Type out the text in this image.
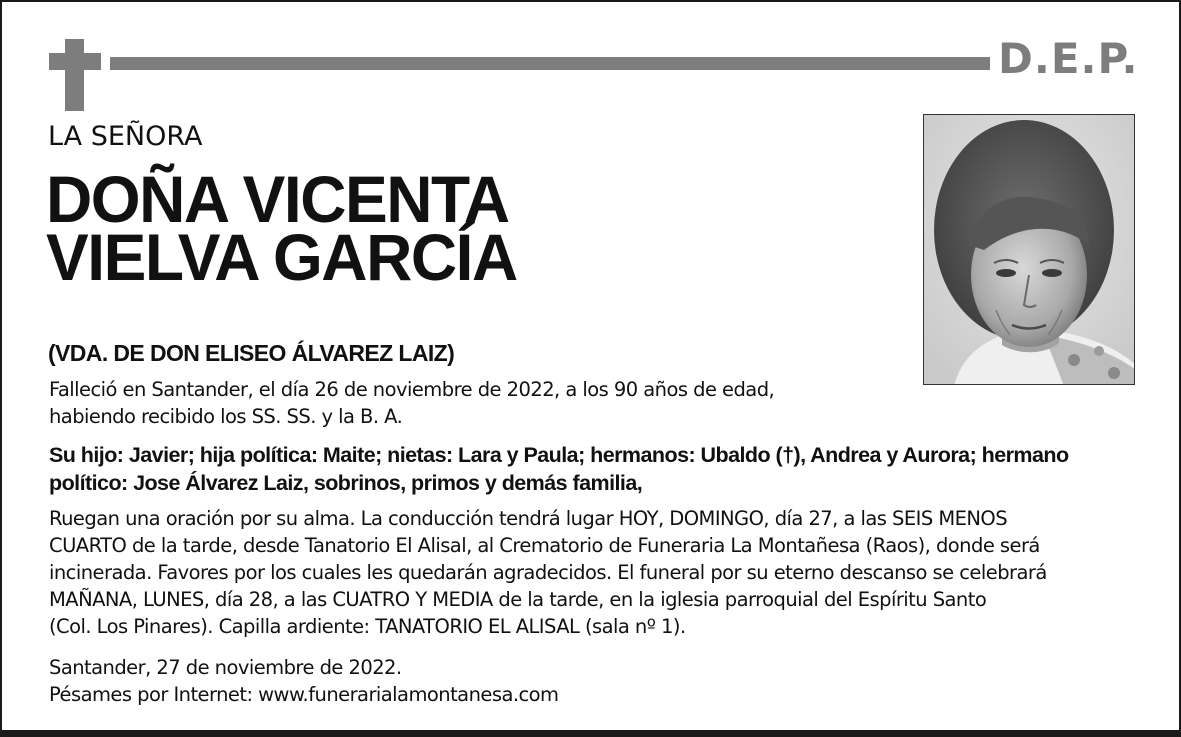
D.E.P.
LA SEÑORA
DOÑA VICENTA
VIELVA GARCÍA
(VDA. DE DON ELISEO ÁLVAREZ LAIZ)
Falleció en Santander, el día 26 de noviembre de 2022, a los 90 años de edad,
habiendo recibido los SS. SS. y la B. A.
Su hijo: Javier; hija política: Maite; nietas: Lara y Paula; hermanos: Ubaldo (†), Andrea y Aurora; hermano
político: Jose Álvarez Laiz, sobrinos, primos y demás familia,
Ruegan una oración por su alma. La conducción tendrá lugar HOY, DOMINGO, día 27, a las SEIS MENOS
CUARTO de la tarde, desde Tanatorio El Alisal, al Crematorio de Funeraria La Montañesa (Raos), donde será
incinerada. Favores por los cuales les quedarán agradecidos. El funeral por su eterno descanso se celebrará
MAÑANA, LUNES, día 28, a las CUATRO Y MEDIA de la tarde, en la iglesia parroquial del Espíritu Santo
(Col. Los Pinares). Capilla ardiente: TANATORIO EL ALISAL (sala nº 1).
Santander, 27 de noviembre de 2022.
Pésames por Internet: www.funerarialamontanesa.com
